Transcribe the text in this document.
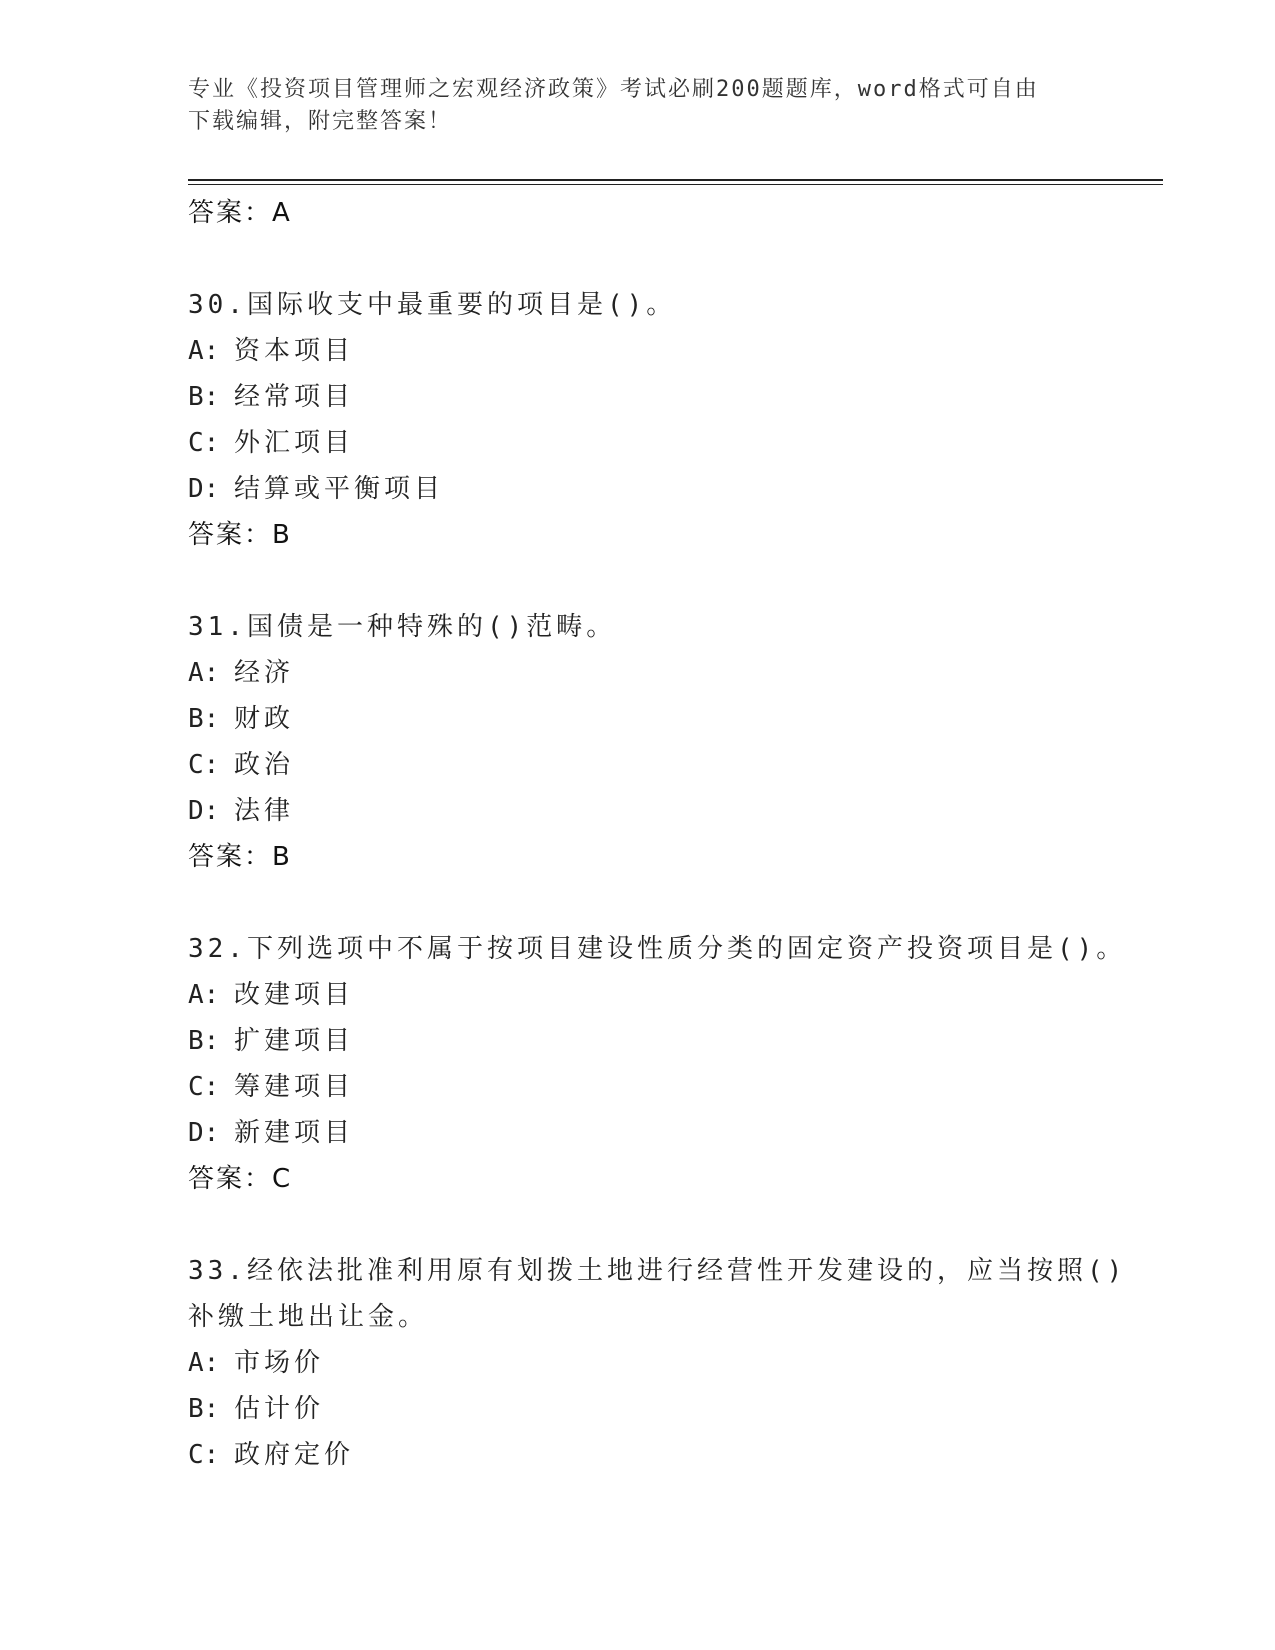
专业《投资项目管理师之宏观经济政策》考试必刷200题题库，word格式可自由
下载编辑，附完整答案！
答案：A
30.国际收支中最重要的项目是()。
A: 资本项目
B: 经常项目
C: 外汇项目
D: 结算或平衡项目
答案：B
31.国债是一种特殊的()范畴。
A: 经济
B: 财政
C: 政治
D: 法律
答案：B
32.下列选项中不属于按项目建设性质分类的固定资产投资项目是()。
A: 改建项目
B: 扩建项目
C: 筹建项目
D: 新建项目
答案：C
33.经依法批准利用原有划拨土地进行经营性开发建设的，应当按照()
补缴土地出让金。
A: 市场价
B: 估计价
C: 政府定价
